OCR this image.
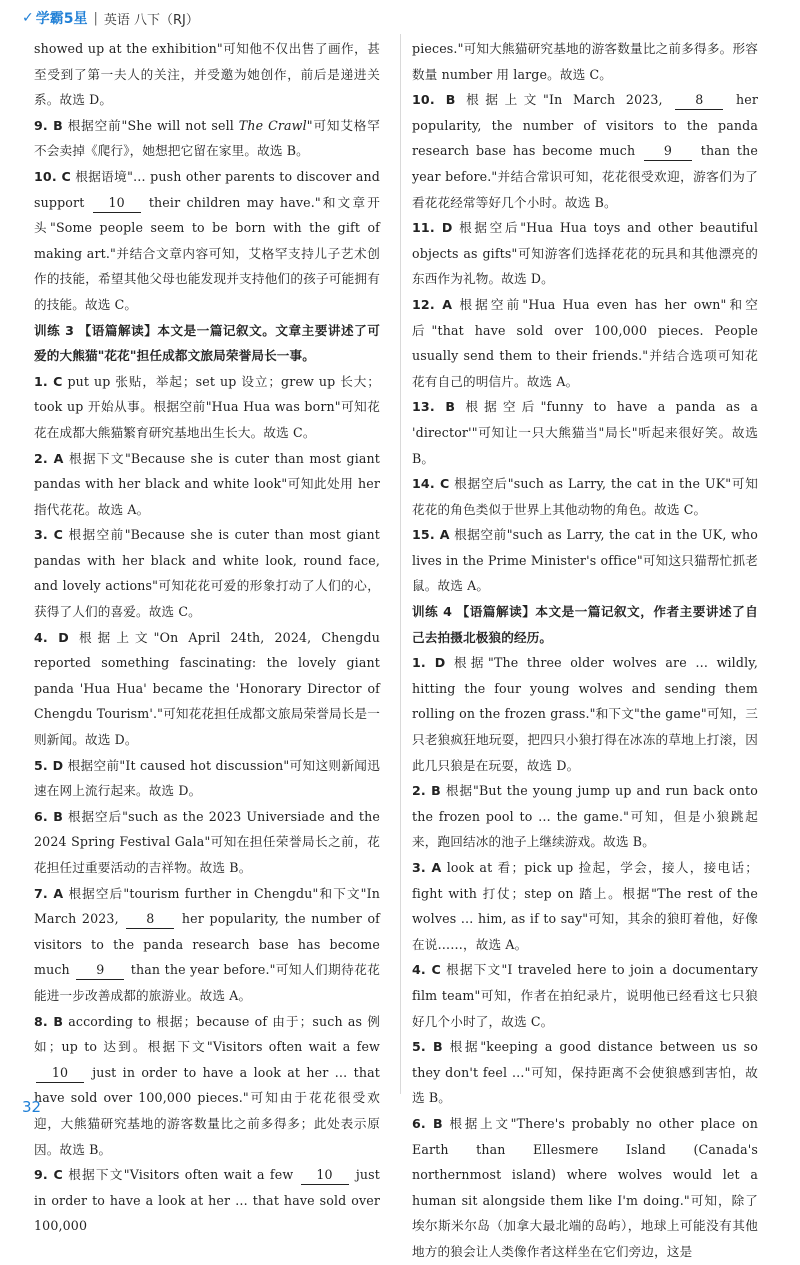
✓ 学霸5星 | 英语 八下（RJ）

showed up at the exhibition"可知他不仅出售了画作，甚至受到了第一夫人的关注，并受邀为她创作，前后是递进关系。故选 D。

9. B 根据空前"She will not sell The Crawl"可知艾格罕不会卖掉《爬行》，她想把它留在家里。故选 B。

10. C 根据语境"… push other parents to discover and support 10 their children may have."和文章开头"Some people seem to be born with the gift of making art."并结合文章内容可知，艾格罕支持儿子艺术创作的技能，希望其他父母也能发现并支持他们的孩子可能拥有的技能。故选 C。

训练 3 【语篇解读】本文是一篇记叙文。文章主要讲述了可爱的大熊猫"花花"担任成都文旅局荣誉局长一事。

1. C put up 张贴，举起；set up 设立；grew up 长大；took up 开始从事。根据空前"Hua Hua was born"可知花花在成都大熊猫繁育研究基地出生长大。故选 C。

2. A 根据下文"Because she is cuter than most giant pandas with her black and white look"可知此处用 her 指代花花。故选 A。

3. C 根据空前"Because she is cuter than most giant pandas with her black and white look, round face, and lovely actions"可知花花可爱的形象打动了人们的心，获得了人们的喜爱。故选 C。

4. D 根据上文"On April 24th, 2024, Chengdu reported something fascinating: the lovely giant panda 'Hua Hua' became the 'Honorary Director of Chengdu Tourism'."可知花花担任成都文旅局荣誉局长是一则新闻。故选 D。

5. D 根据空前"It caused hot discussion"可知这则新闻迅速在网上流行起来。故选 D。

6. B 根据空后"such as the 2023 Universiade and the 2024 Spring Festival Gala"可知在担任荣誉局长之前，花花担任过重要活动的吉祥物。故选 B。

7. A 根据空后"tourism further in Chengdu"和下文"In March 2023, 8 her popularity, the number of visitors to the panda research base has become much 9 than the year before."可知人们期待花花能进一步改善成都的旅游业。故选 A。

8. B according to 根据；because of 由于；such as 例如；up to 达到。根据下文"Visitors often wait a few 10 just in order to have a look at her … that have sold over 100,000 pieces."可知由于花花很受欢迎，大熊猫研究基地的游客数量比之前多得多；此处表示原因。故选 B。

9. C 根据下文"Visitors often wait a few 10 just in order to have a look at her … that have sold over 100,000

pieces."可知大熊猫研究基地的游客数量比之前多得多。形容数量 number 用 large。故选 C。

10. B 根据上文"In March 2023, 8 her popularity, the number of visitors to the panda research base has become much 9 than the year before."并结合常识可知，花花很受欢迎，游客们为了看花花经常等好几个小时。故选 B。

11. D 根据空后"Hua Hua toys and other beautiful objects as gifts"可知游客们选择花花的玩具和其他漂亮的东西作为礼物。故选 D。

12. A 根据空前"Hua Hua even has her own"和空后"that have sold over 100,000 pieces. People usually send them to their friends."并结合选项可知花花有自己的明信片。故选 A。

13. B 根据空后"funny to have a panda as a 'director'"可知让一只大熊猫当"局长"听起来很好笑。故选 B。

14. C 根据空后"such as Larry, the cat in the UK"可知花花的角色类似于世界上其他动物的角色。故选 C。

15. A 根据空前"such as Larry, the cat in the UK, who lives in the Prime Minister's office"可知这只猫帮忙抓老鼠。故选 A。

训练 4 【语篇解读】本文是一篇记叙文，作者主要讲述了自己去拍摄北极狼的经历。

1. D 根据"The three older wolves are … wildly, hitting the four young wolves and sending them rolling on the frozen grass."和下文"the game"可知，三只老狼疯狂地玩耍，把四只小狼打得在冰冻的草地上打滚，因此几只狼是在玩耍，故选 D。

2. B 根据"But the young jump up and run back onto the frozen pool to … the game."可知，但是小狼跳起来，跑回结冰的池子上继续游戏。故选 B。

3. A look at 看；pick up 捡起，学会，接人，接电话；fight with 打仗；step on 踏上。根据"The rest of the wolves … him, as if to say"可知，其余的狼盯着他，好像在说……，故选 A。

4. C 根据下文"I traveled here to join a documentary film team"可知，作者在拍纪录片，说明他已经看这七只狼好几个小时了，故选 C。

5. B 根据"keeping a good distance between us so they don't feel …"可知，保持距离不会使狼感到害怕，故选 B。

6. B 根据上文"There's probably no other place on Earth than Ellesmere Island (Canada's northernmost island) where wolves would let a human sit alongside them like I'm doing."可知，除了埃尔斯米尔岛（加拿大最北端的岛屿），地球上可能没有其他地方的狼会让人类像作者这样坐在它们旁边，这是

32
